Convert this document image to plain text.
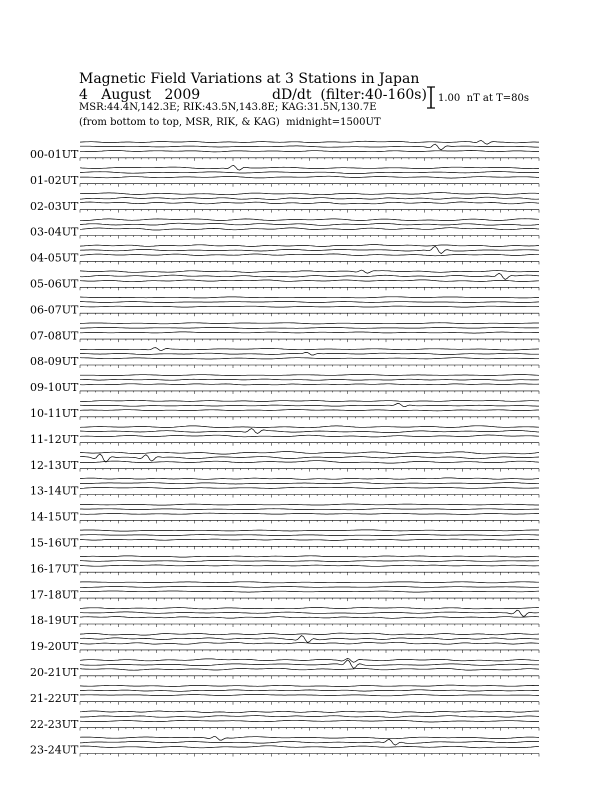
Magnetic Field Variations at 3 Stations in Japan
4   August   2009	dD/dt  (filter:40-160s)
MSR:44.4N,142.3E; RIK:43.5N,143.8E; KAG:31.5N,130.7E
(from bottom to top, MSR, RIK, & KAG)  midnight=1500UT
1.00  nT at T=80s
00-01UT
01-02UT
02-03UT
03-04UT
04-05UT
05-06UT
06-07UT
07-08UT
08-09UT
09-10UT
10-11UT
11-12UT
12-13UT
13-14UT
14-15UT
15-16UT
16-17UT
17-18UT
18-19UT
19-20UT
20-21UT
21-22UT
22-23UT
23-24UT
